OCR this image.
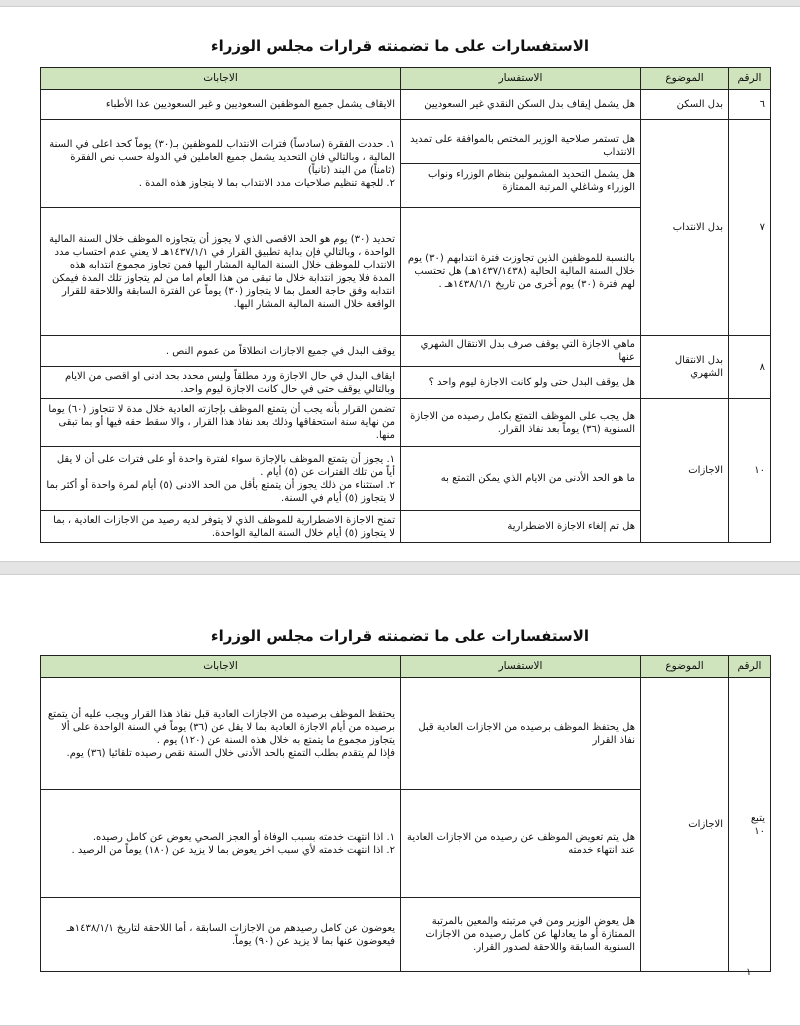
الاستفسارات على ما تضمنته قرارات مجلس الوزراء
الرقم	الموضوع	الاستفسار	الاجابات
٦	بدل السكن	هل يشمل إيقاف بدل السكن النقدي غير السعوديين	الايقاف يشمل جميع الموظفين السعوديين و غير السعوديين عدا الأطباء
٧	بدل الانتداب	هل تستمر صلاحية الوزير المختص بالموافقة على تمديد الانتداب
هل يشمل التحديد المشمولين بنظام الوزراء ونواب الوزراء وشاغلي المرتبة الممتازة	١. حددت الفقرة (سادساً) فترات الانتداب للموظفين بـ(٣٠) يوماً كحد اعلى في السنة المالية ، وبالتالي فان التحديد يشمل جميع العاملين في الدولة حسب نص الفقرة (ثامناً) من البند (ثانياً)
٢. للجهة تنظيم صلاحيات مدد الانتداب بما لا يتجاوز هذه المدة .

		بالنسبة للموظفين الذين تجاوزت فترة انتدابهم (٣٠) يوم خلال السنة المالية الحالية (١٤٣٧/١٤٣٨هـ) هل تحتسب لهم فترة (٣٠) يوم أخرى من تاريخ ١٤٣٨/١/١هـ .	تحديد (٣٠) يوم هو الحد الاقصى الذي لا يجوز أن يتجاوزه الموظف خلال السنة المالية الواحدة ، وبالتالي فإن بداية تطبيق القرار في ١٤٣٧/١/١هـ لا يعني عدم احتساب مدد الانتداب للموظف خلال السنة المالية المشار اليها فمن تجاوز مجموع انتدابه هذه المدة فلا يجوز انتدابة خلال ما تبقى من هذا العام اما من لم يتجاوز تلك المدة فيمكن انتدابه وفق حاجة العمل بما لا يتجاوز (٣٠) يوماً عن الفترة السابقة واللاحقة للقرار الواقعة خلال السنة المالية المشار اليها.
٨	بدل الانتقال الشهري	ماهي الاجازة التي يوقف صرف بدل الانتقال الشهري عنها	يوقف البدل في جميع الاجازات انطلاقاً من عموم النص .
		هل يوقف البدل حتى ولو كانت الاجازة ليوم واحد ؟	ايقاف البدل في حال الاجازة ورد مطلقاً وليس محدد بحد ادنى او اقصى من الايام وبالتالي يوقف حتى في حال كانت الاجازة ليوم واحد.
١٠	الاجازات	هل يجب على الموظف التمتع بكامل رصيده من الاجازة السنوية (٣٦) يوماً بعد نفاذ القرار.	تضمن القرار بأنه يجب أن يتمتع الموظف بإجازته العادية خلال مدة لا تتجاوز (٦٠) يوما من نهاية سنة استحقاقها وذلك بعد نفاذ هذا القرار ، والا سقط حقه فيها أو بما تبقى منها.
		ما هو الحد الأدنى من الايام الذي يمكن التمتع به	١. يجوز أن يتمتع الموظف بالإجازة سواء لفترة واحدة أو على فترات على أن لا يقل أياً من تلك الفترات عن (٥) أيام .
٢. استثناء من ذلك يجوز أن يتمتع بأقل من الحد الادنى (٥) أيام لمرة واحدة أو أكثر بما لا يتجاوز (٥) أيام في السنة.

		هل تم إلغاء الاجازة الاضطرارية	تمنح الاجازة الاضطرارية للموظف الذي لا يتوفر لديه رصيد من الاجازات العادية ، بما لا يتجاوز (٥) أيام خلال السنة المالية الواحدة.
الاستفسارات على ما تضمنته قرارات مجلس الوزراء
الرقم	الموضوع	الاستفسار	الاجابات

يتبع
١٠	الاجازات	هل يحتفظ الموظف برصيده من الاجازات العادية قبل نفاذ القرار	يحتفظ الموظف برصيده من الاجازات العادية قبل نفاذ هذا القرار ويجب عليه أن يتمتع برصيده من أيام الاجازة العادية بما لا يقل عن (٣٦) يوماً في السنة الواحدة على ألا يتجاوز مجموع ما يتمتع به خلال هذه السنة عن (١٢٠) يوم .
فإذا لم يتقدم بطلب التمتع بالحد الأدنى خلال السنة نقص رصيده تلقائيا (٣٦) يوم.

		هل يتم تعويض الموظف عن رصيده من الاجازات العادية عند انتهاء خدمته	١. اذا انتهت خدمته بسبب الوفاة أو العجز الصحي يعوض عن كامل رصيده.
٢. اذا انتهت خدمته لأي سبب اخر يعوض بما لا يزيد عن (١٨٠) يوماً من الرصيد .

		هل يعوض الوزير ومن في مرتبته والمعين بالمرتبة الممتازة أو ما يعادلها عن كامل رصيده من الاجازات السنوية السابقة واللاحقة لصدور القرار.	يعوضون عن كامل رصيدهم من الاجازات السابقة ، أما اللاحقة لتاريخ ١٤٣٨/١/١هـ فيعوضون عنها بما لا يزيد عن (٩٠) يوماً.
١
